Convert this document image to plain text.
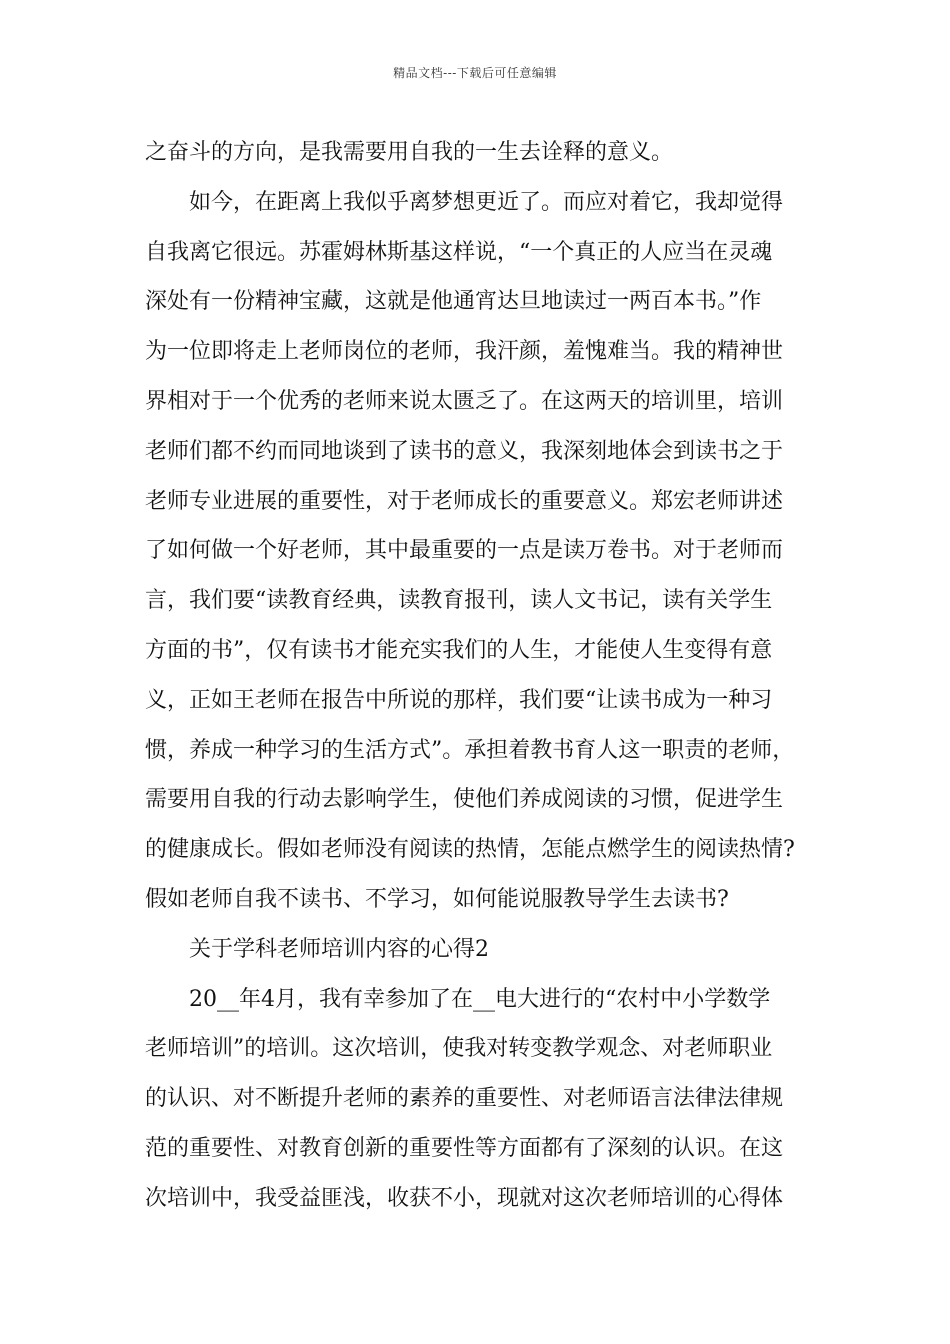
精品文档---下载后可任意编辑
之奋斗的方向，是我需要用自我的一生去诠释的意义。
如今，在距离上我似乎离梦想更近了。而应对着它，我却觉得
自我离它很远。苏霍姆林斯基这样说，“一个真正的人应当在灵魂
深处有一份精神宝藏，这就是他通宵达旦地读过一两百本书。”作
为一位即将走上老师岗位的老师，我汗颜，羞愧难当。我的精神世
界相对于一个优秀的老师来说太匮乏了。在这两天的培训里，培训
老师们都不约而同地谈到了读书的意义，我深刻地体会到读书之于
老师专业进展的重要性，对于老师成长的重要意义。郑宏老师讲述
了如何做一个好老师，其中最重要的一点是读万卷书。对于老师而
言，我们要“读教育经典，读教育报刊，读人文书记，读有关学生
方面的书”，仅有读书才能充实我们的人生，才能使人生变得有意
义，正如王老师在报告中所说的那样，我们要“让读书成为一种习
惯，养成一种学习的生活方式”。承担着教书育人这一职责的老师，
需要用自我的行动去影响学生，使他们养成阅读的习惯，促进学生
的健康成长。假如老师没有阅读的热情，怎能点燃学生的阅读热情?
假如老师自我不读书、不学习，如何能说服教导学生去读书?
关于学科老师培训内容的心得2
20__年4月，我有幸参加了在__电大进行的“农村中小学数学
老师培训”的培训。这次培训，使我对转变教学观念、对老师职业
的认识、对不断提升老师的素养的重要性、对老师语言法律法律规
范的重要性、对教育创新的重要性等方面都有了深刻的认识。在这
次培训中，我受益匪浅，收获不小，现就对这次老师培训的心得体
